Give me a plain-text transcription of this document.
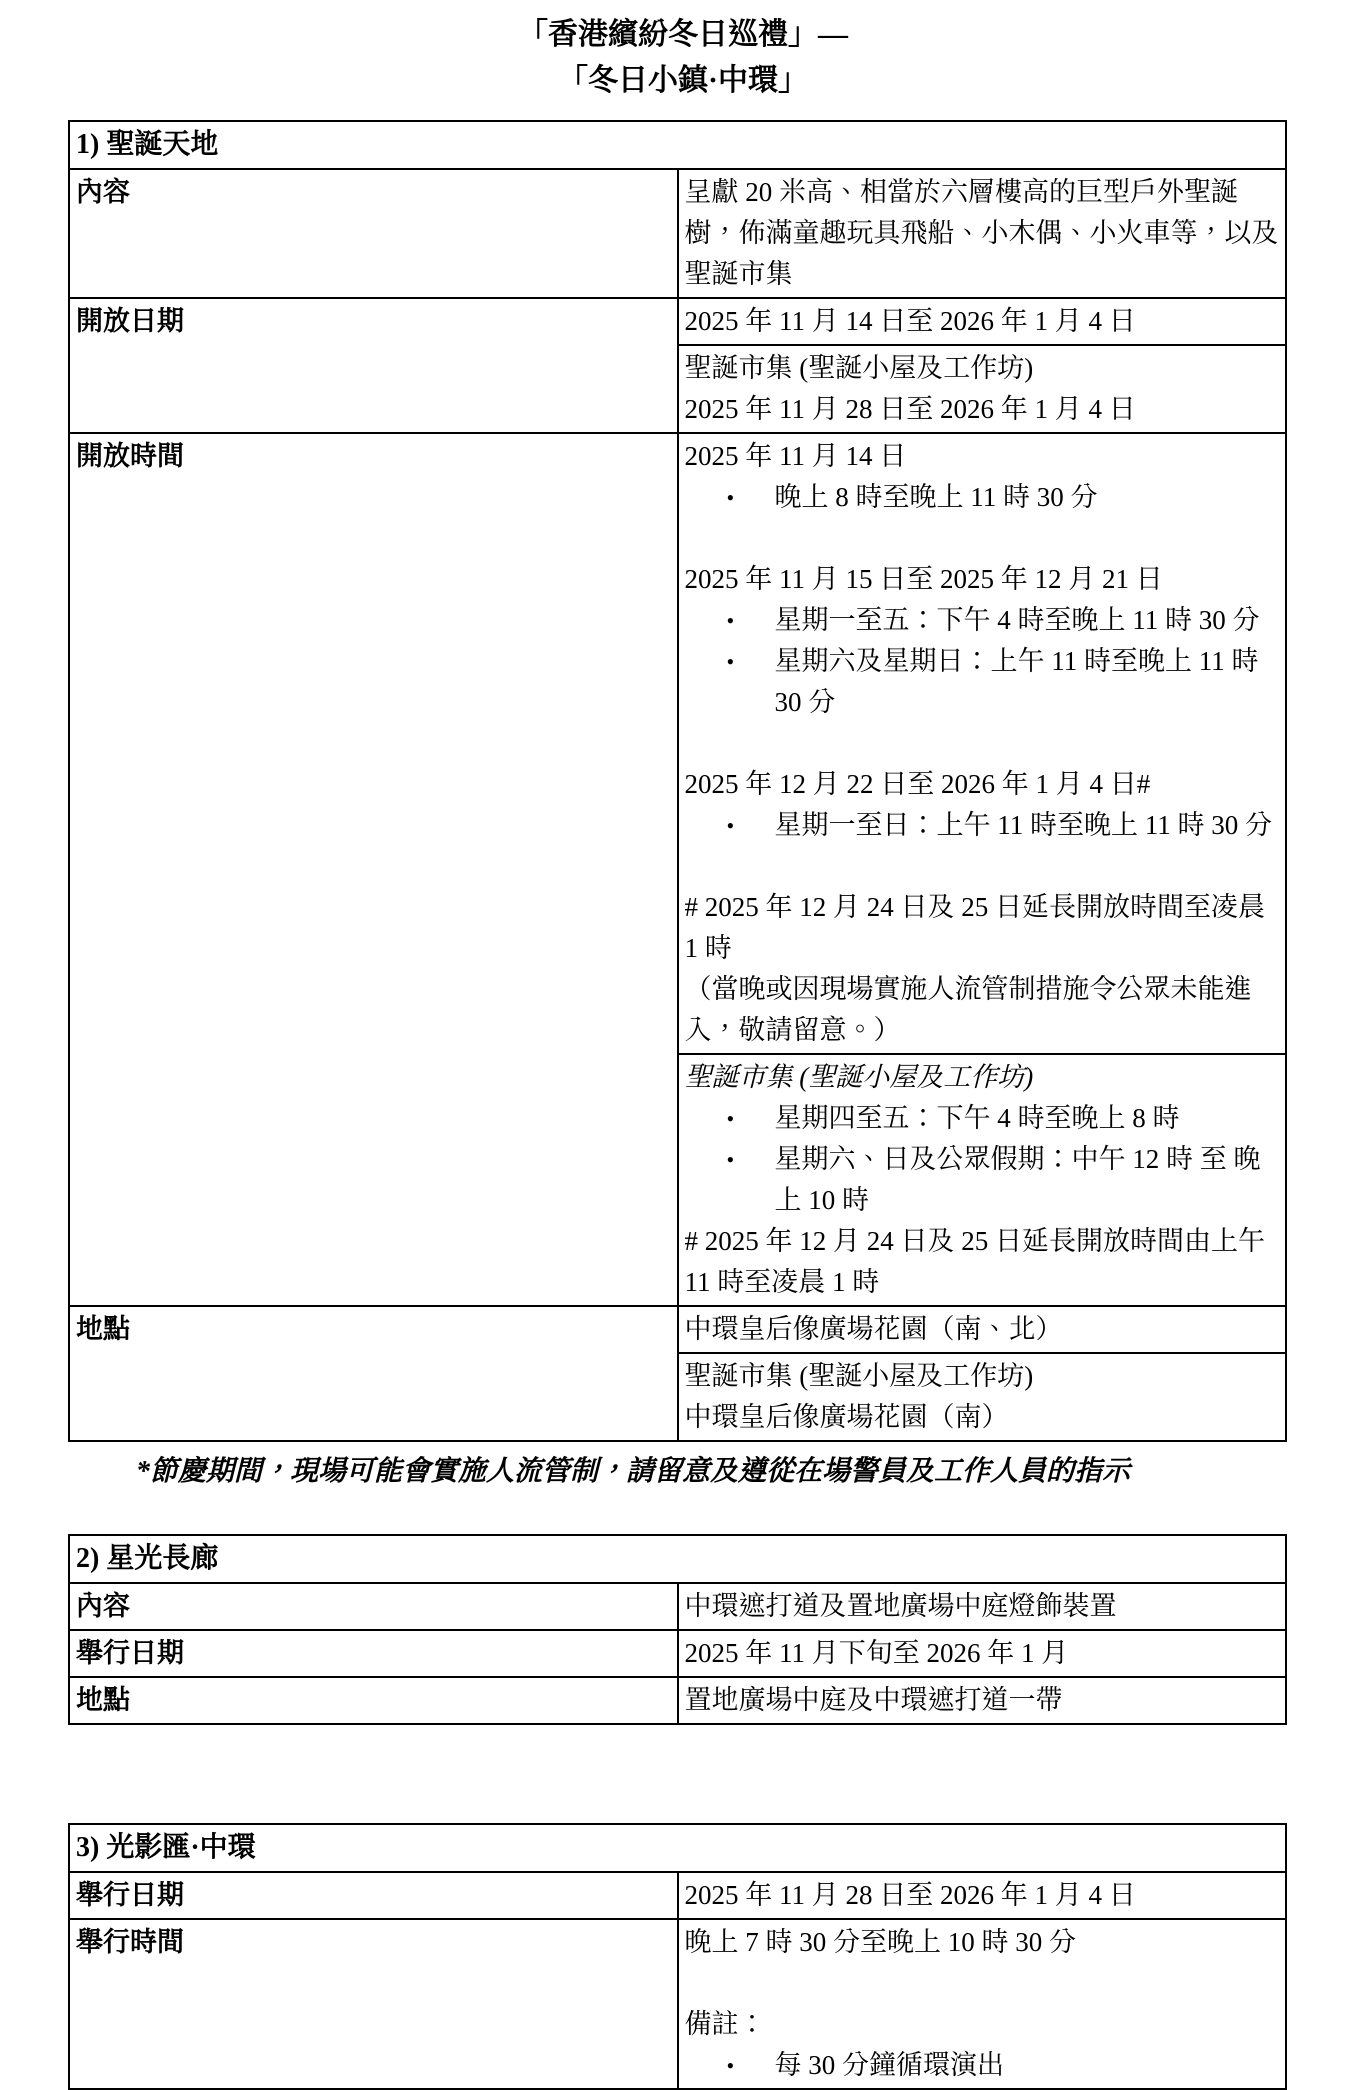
「香港繽紛冬日巡禮」—
「冬日小鎮·中環」
1) 聖誕天地	
內容	呈獻 20 米高、相當於六層樓高的巨型戶外聖誕樹，佈滿童趣玩具飛船、小木偶、小火車等，以及聖誕市集

開放日期	2025 年 11 月 14 日至 2026 年 1 月 4 日

	聖誕市集 (聖誕小屋及工作坊)
2025 年 11 月 28 日至 2026 年 1 月 4 日

開放時間	2025 年 11 月 14 日
•	晚上 8 時至晚上 11 時 30 分

2025 年 11 月 15 日至 2025 年 12 月 21 日
•	星期一至五：下午 4 時至晚上 11 時 30 分
•	星期六及星期日：上午 11 時至晚上 11 時 30 分

2025 年 12 月 22 日至 2026 年 1 月 4 日#
•	星期一至日：上午 11 時至晚上 11 時 30 分

# 2025 年 12 月 24 日及 25 日延長開放時間至凌晨 1 時
（當晚或因現場實施人流管制措施令公眾未能進入，敬請留意。）

聖誕市集 (聖誕小屋及工作坊)
•	星期四至五：下午 4 時至晚上 8 時
•	星期六、日及公眾假期：中午 12 時 至 晚上 10 時
# 2025 年 12 月 24 日及 25 日延長開放時間由上午 11 時至凌晨 1 時

地點	中環皇后像廣場花園（南、北）

	聖誕市集 (聖誕小屋及工作坊)
中環皇后像廣場花園（南）
*節慶期間，現場可能會實施人流管制，請留意及遵從在場警員及工作人員的指示
2) 星光長廊	
內容	中環遮打道及置地廣場中庭燈飾裝置

舉行日期	2025 年 11 月下旬至 2026 年 1 月

地點	置地廣場中庭及中環遮打道一帶
3) 光影匯·中環	
舉行日期	2025 年 11 月 28 日至 2026 年 1 月 4 日

舉行時間	晚上 7 時 30 分至晚上 10 時 30 分

備註：
• 每 30 分鐘循環演出
